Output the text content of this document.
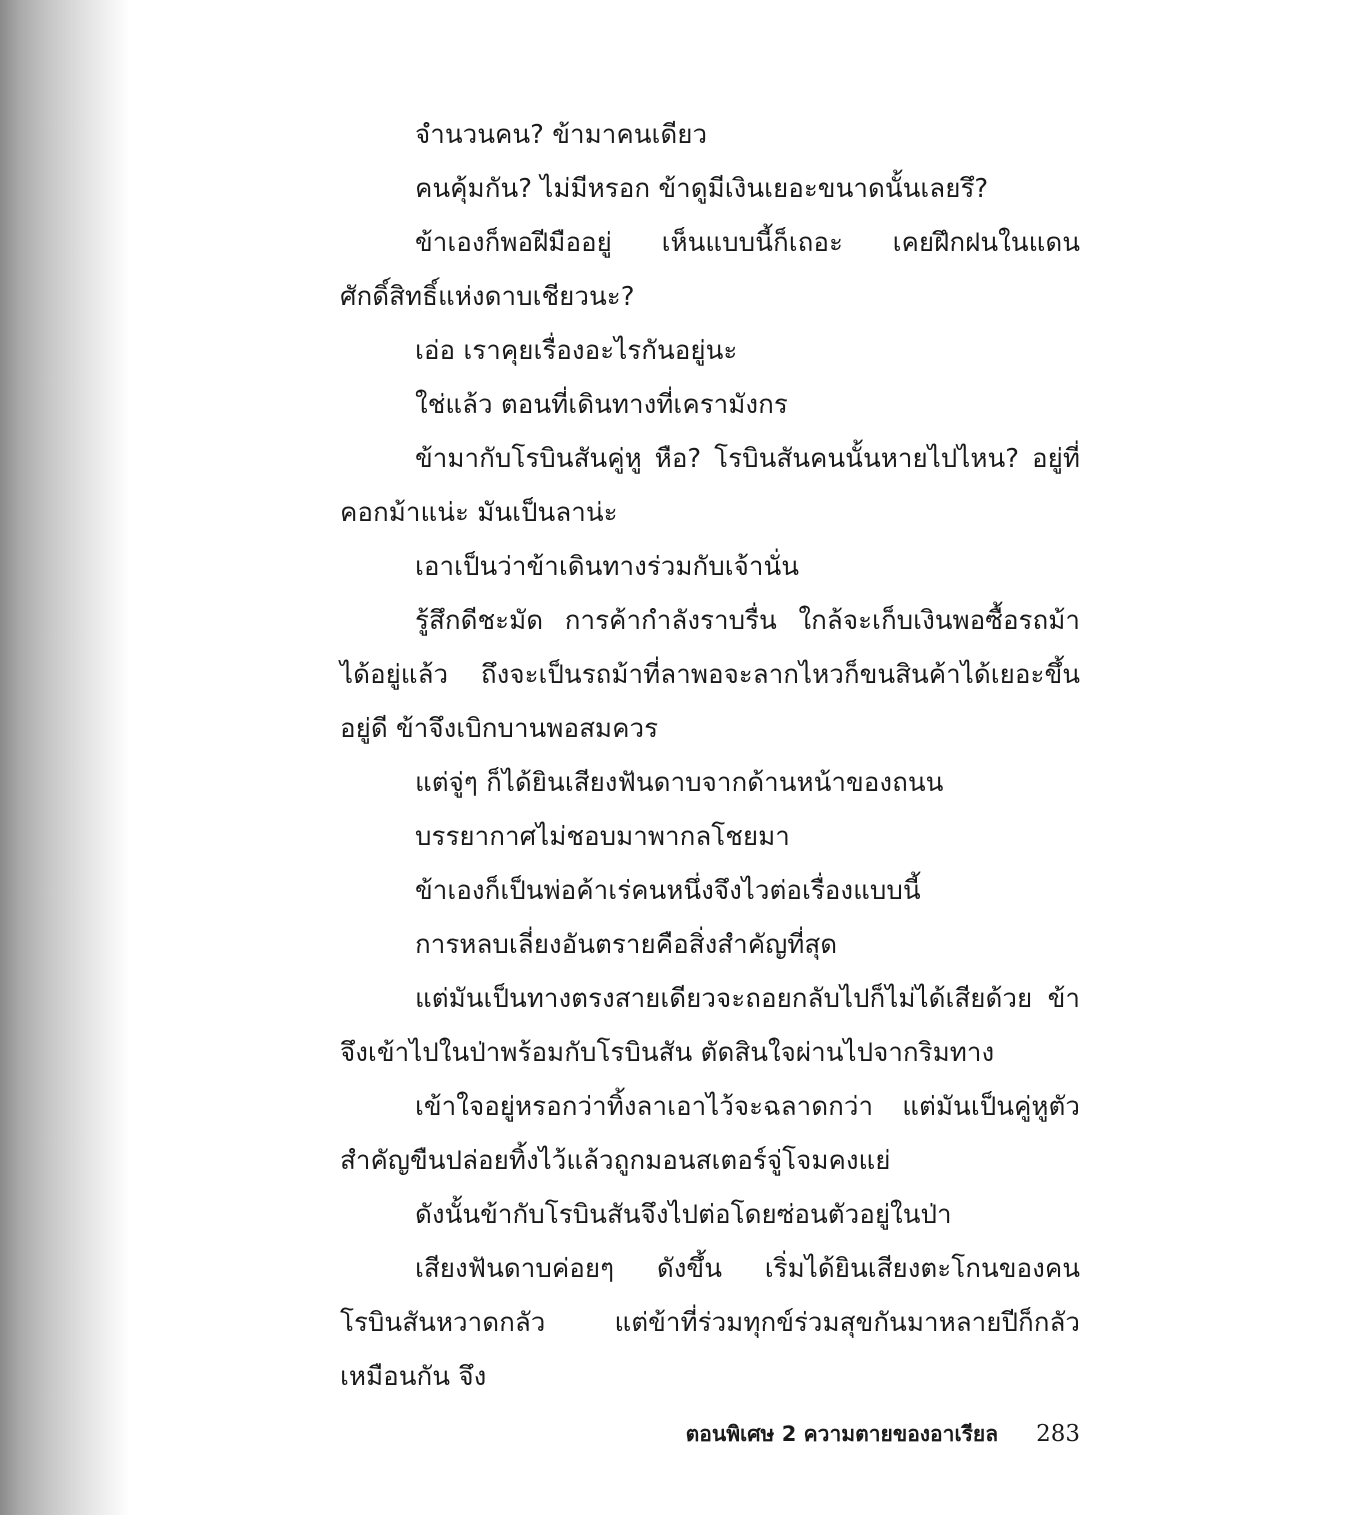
จำนวนคน? ข้ามาคนเดียว

คนคุ้มกัน? ไม่มีหรอก ข้าดูมีเงินเยอะขนาดนั้นเลยรึ?

ข้าเองก็พอฝีมืออยู่ เห็นแบบนี้ก็เถอะ เคยฝึกฝนในแดนศักดิ์สิทธิ์แห่งดาบเชียวนะ?

เอ่อ เราคุยเรื่องอะไรกันอยู่นะ

ใช่แล้ว ตอนที่เดินทางที่เครามังกร

ข้ามากับโรบินสันคู่หู หือ? โรบินสันคนนั้นหายไปไหน? อยู่ที่คอกม้าแน่ะ มันเป็นลาน่ะ

เอาเป็นว่าข้าเดินทางร่วมกับเจ้านั่น

รู้สึกดีชะมัด การค้ากำลังราบรื่น ใกล้จะเก็บเงินพอซื้อรถม้าได้อยู่แล้ว ถึงจะเป็นรถม้าที่ลาพอจะลากไหวก็ขนสินค้าได้เยอะขึ้นอยู่ดี ข้าจึงเบิกบานพอสมควร

แต่จู่ๆ ก็ได้ยินเสียงฟันดาบจากด้านหน้าของถนน

บรรยากาศไม่ชอบมาพากลโชยมา

ข้าเองก็เป็นพ่อค้าเร่คนหนึ่งจึงไวต่อเรื่องแบบนี้

การหลบเลี่ยงอันตรายคือสิ่งสำคัญที่สุด

แต่มันเป็นทางตรงสายเดียวจะถอยกลับไปก็ไม่ได้เสียด้วย ข้าจึงเข้าไปในป่าพร้อมกับโรบินสัน ตัดสินใจผ่านไปจากริมทาง

เข้าใจอยู่หรอกว่าทิ้งลาเอาไว้จะฉลาดกว่า แต่มันเป็นคู่หูตัวสำคัญขืนปล่อยทิ้งไว้แล้วถูกมอนสเตอร์จู่โจมคงแย่

ดังนั้นข้ากับโรบินสันจึงไปต่อโดยซ่อนตัวอยู่ในป่า

เสียงฟันดาบค่อยๆ ดังขึ้น เริ่มได้ยินเสียงตะโกนของคน โรบินสันหวาดกลัว แต่ข้าที่ร่วมทุกข์ร่วมสุขกันมาหลายปีก็กลัวเหมือนกัน จึง

ตอนพิเศษ 2 ความตายของอาเรียล 283
